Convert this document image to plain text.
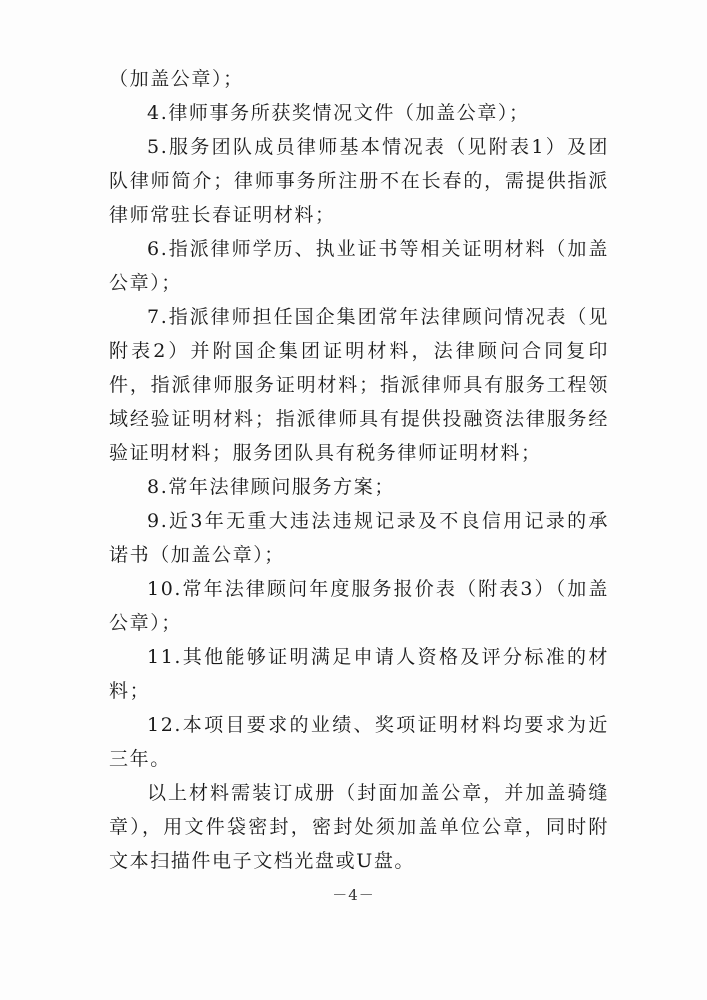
（加盖公章）；

4.律师事务所获奖情况文件（加盖公章）；

5.服务团队成员律师基本情况表（见附表1）及团队律师简介；律师事务所注册不在长春的，需提供指派律师常驻长春证明材料；

6.指派律师学历、执业证书等相关证明材料（加盖公章）；

7.指派律师担任国企集团常年法律顾问情况表（见附表2）并附国企集团证明材料，法律顾问合同复印件，指派律师服务证明材料；指派律师具有服务工程领域经验证明材料；指派律师具有提供投融资法律服务经验证明材料；服务团队具有税务律师证明材料；

8.常年法律顾问服务方案；

9.近3年无重大违法违规记录及不良信用记录的承诺书（加盖公章）；

10.常年法律顾问年度服务报价表（附表3）（加盖公章）；

11.其他能够证明满足申请人资格及评分标准的材料；

12.本项目要求的业绩、奖项证明材料均要求为近三年。

以上材料需装订成册（封面加盖公章，并加盖骑缝章），用文件袋密封，密封处须加盖单位公章，同时附文本扫描件电子文档光盘或U盘。

－4－
